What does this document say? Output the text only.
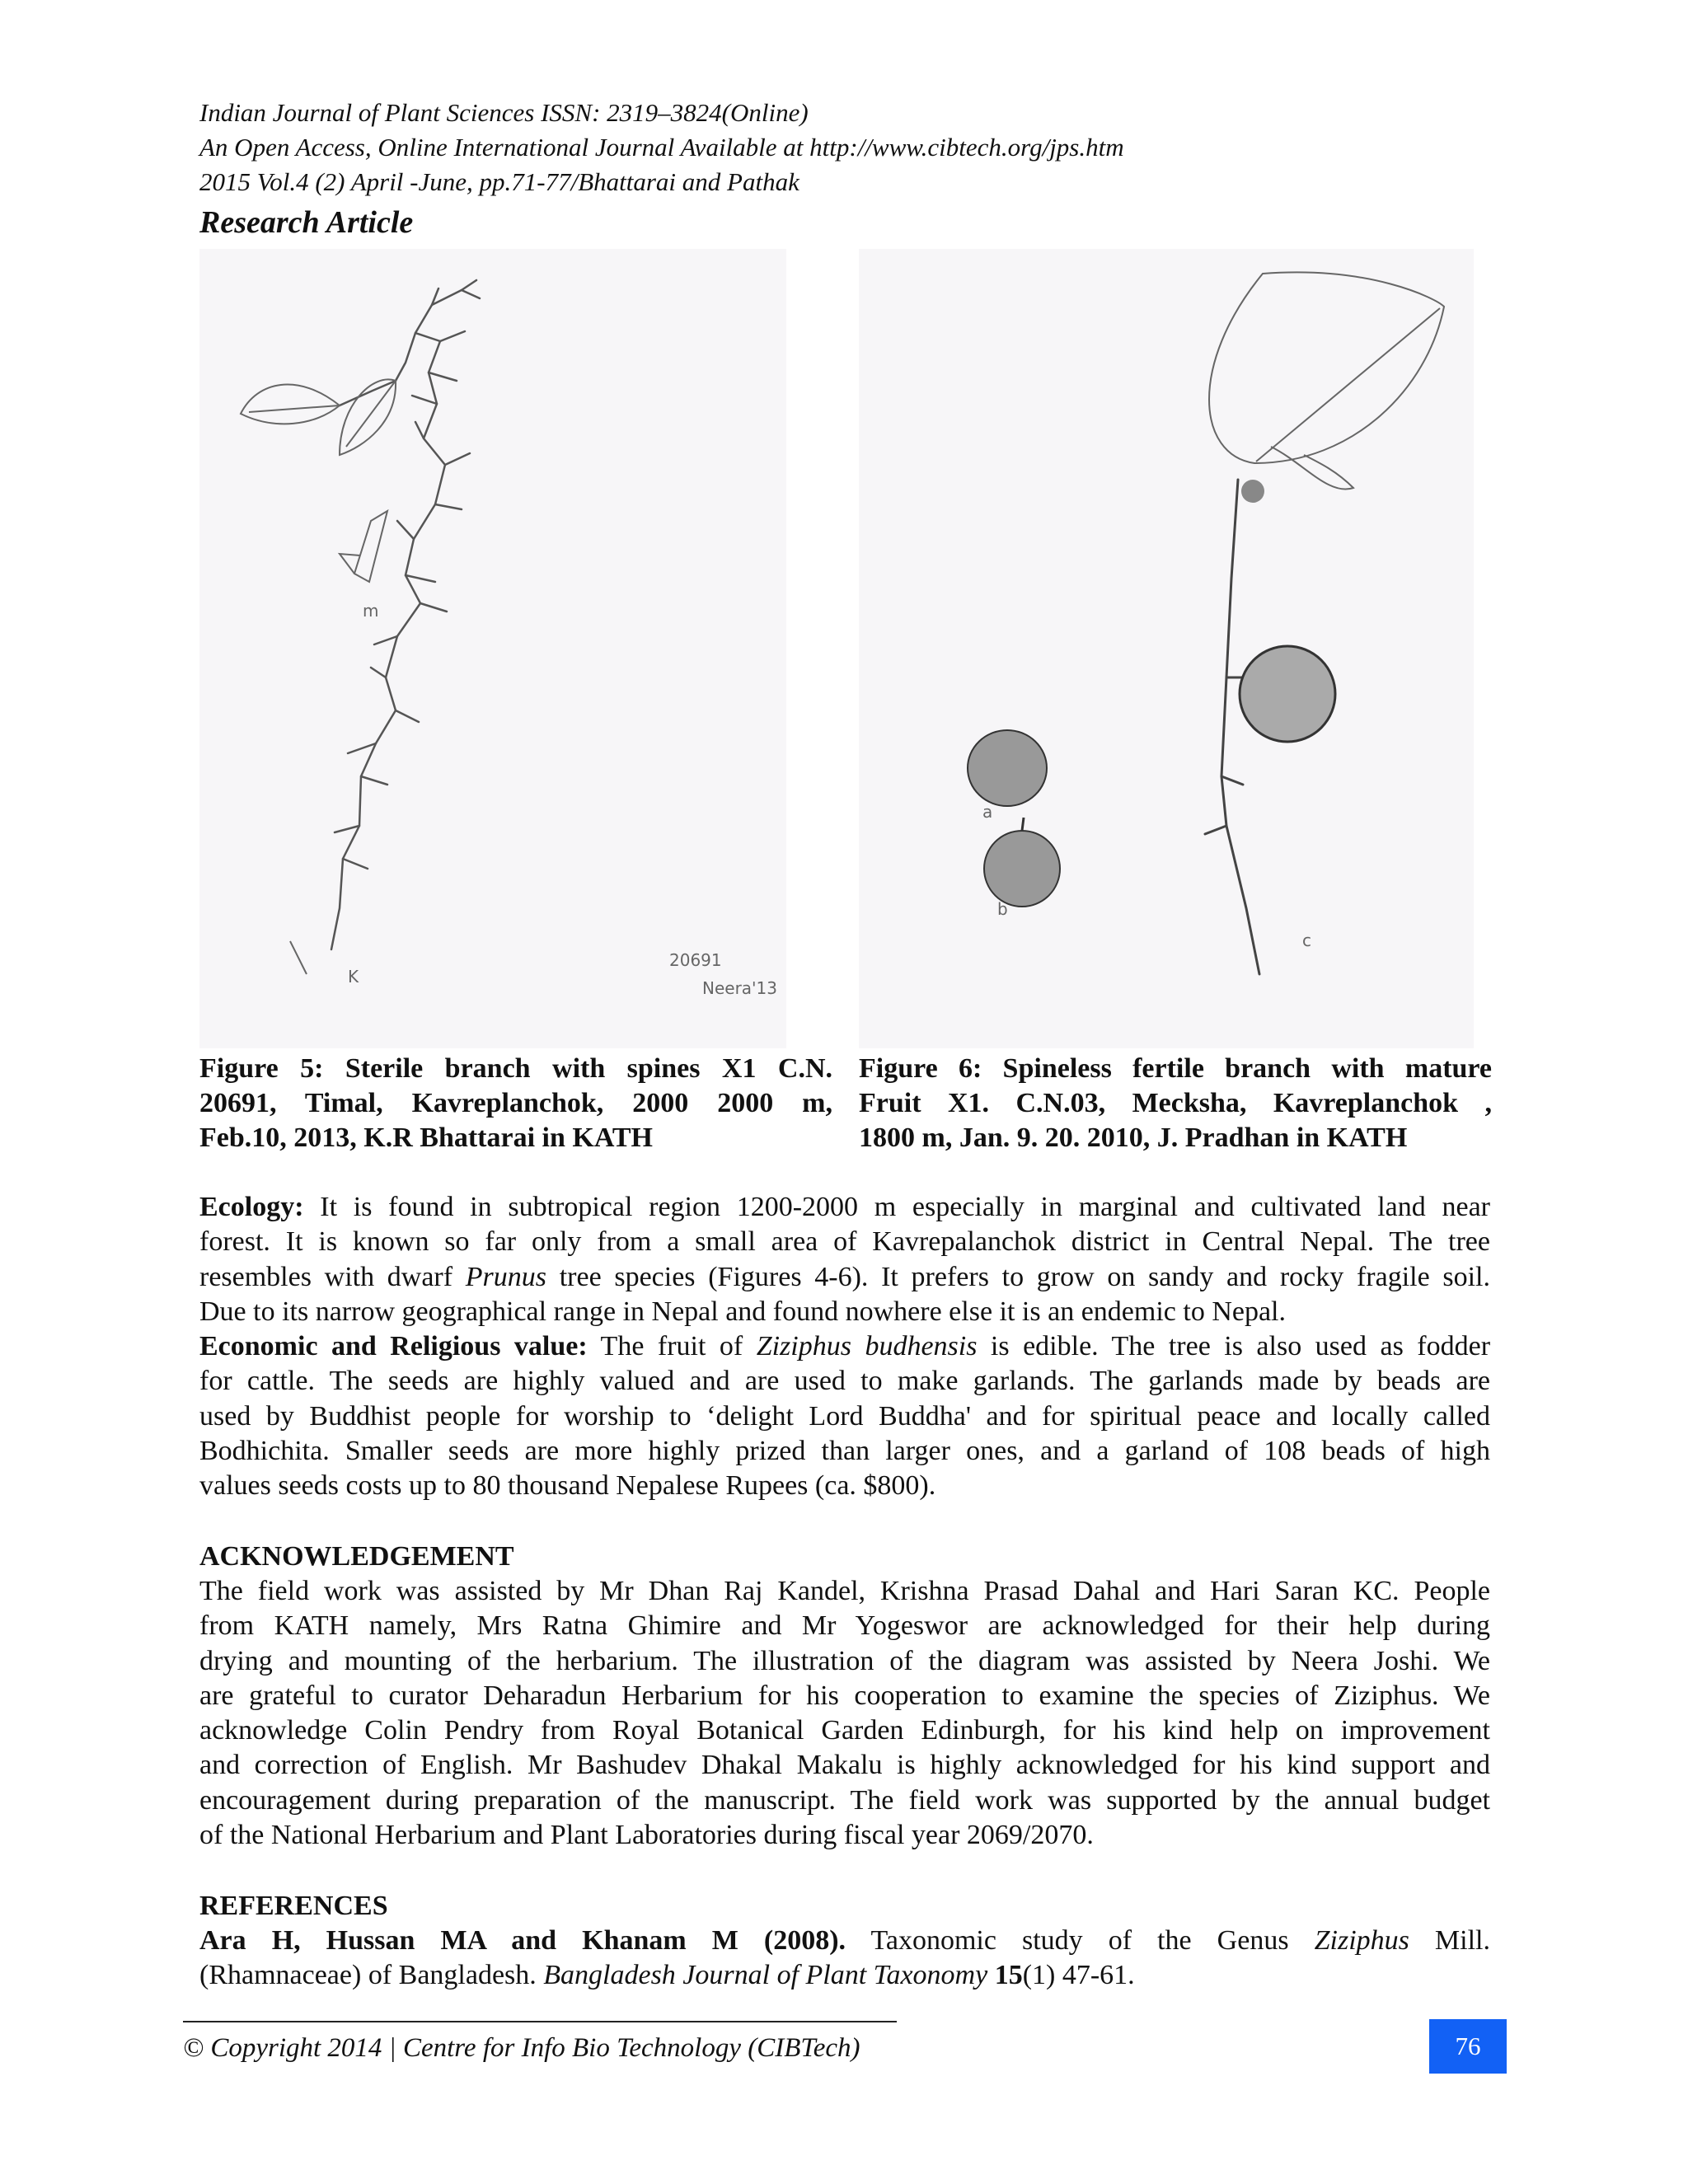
Indian Journal of Plant Sciences ISSN: 2319–3824(Online)
An Open Access, Online International Journal Available at http://www.cibtech.org/jps.htm
2015 Vol.4 (2) April -June, pp.71-77/Bhattarai and Pathak
Research Article
m
K
20691
Neera'13
a
b
c
Figure 5: Sterile branch with spines X1 C.N.
20691, Timal, Kavreplanchok, 2000 2000 m,
Feb.10, 2013, K.R Bhattarai in KATH
Figure 6: Spineless fertile branch with mature
Fruit X1. C.N.03, Mecksha, Kavreplanchok ,
1800 m, Jan. 9. 20. 2010, J. Pradhan in KATH
Ecology: It is found in subtropical region 1200-2000 m especially in marginal and cultivated land near
forest. It is known so far only from a small area of Kavrepalanchok district in Central Nepal. The tree
resembles with dwarf Prunus tree species (Figures 4-6). It prefers to grow on sandy and rocky fragile soil.
Due to its narrow geographical range in Nepal and found nowhere else it is an endemic to Nepal.
Economic and Religious value: The fruit of Ziziphus budhensis is edible. The tree is also used as fodder
for cattle. The seeds are highly valued and are used to make garlands. The garlands made by beads are
used by Buddhist people for worship to ‘delight Lord Buddha' and for spiritual peace and locally called
Bodhichita. Smaller seeds are more highly prized than larger ones, and a garland of 108 beads of high
values seeds costs up to 80 thousand Nepalese Rupees (ca. $800).
ACKNOWLEDGEMENT
The field work was assisted by Mr Dhan Raj Kandel, Krishna Prasad Dahal and Hari Saran KC. People
from KATH namely, Mrs Ratna Ghimire and Mr Yogeswor are acknowledged for their help during
drying and mounting of the herbarium. The illustration of the diagram was assisted by Neera Joshi. We
are grateful to curator Deharadun Herbarium for his cooperation to examine the species of Ziziphus. We
acknowledge Colin Pendry from Royal Botanical Garden Edinburgh, for his kind help on improvement
and correction of English. Mr Bashudev Dhakal Makalu is highly acknowledged for his kind support and
encouragement during preparation of the manuscript. The field work was supported by the annual budget
of the National Herbarium and Plant Laboratories during fiscal year 2069/2070.
REFERENCES
Ara H, Hussan MA and Khanam M (2008). Taxonomic study of the Genus Ziziphus Mill.
(Rhamnaceae) of Bangladesh. Bangladesh Journal of Plant Taxonomy 15(1) 47-61.
© Copyright 2014 | Centre for Info Bio Technology (CIBTech)	76
